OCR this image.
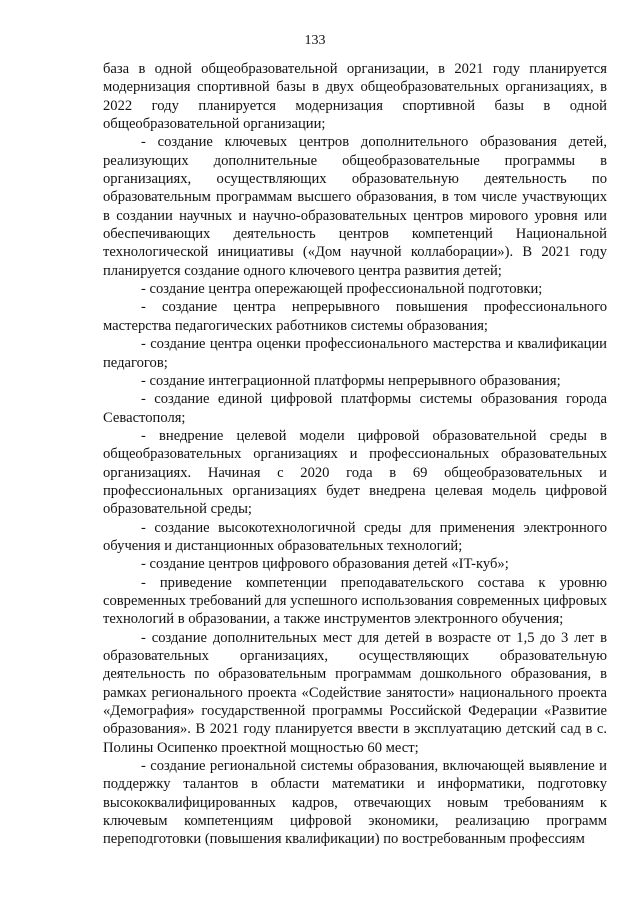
133

база в одной общеобразовательной организации, в 2021 году планируется модернизация спортивной базы в двух общеобразовательных организациях, в 2022 году планируется модернизация спортивной базы в одной общеобразовательной организации;

- создание ключевых центров дополнительного образования детей, реализующих дополнительные общеобразовательные программы в организациях, осуществляющих образовательную деятельность по образовательным программам высшего образования, в том числе участвующих в создании научных и научно-образовательных центров мирового уровня или обеспечивающих деятельность центров компетенций Национальной технологической инициативы («Дом научной коллаборации»). В 2021 году планируется создание одного ключевого центра развития детей;

- создание центра опережающей профессиональной подготовки;

- создание центра непрерывного повышения профессионального мастерства педагогических работников системы образования;

- создание центра оценки профессионального мастерства и квалификации педагогов;

- создание интеграционной платформы непрерывного образования;

- создание единой цифровой платформы системы образования города Севастополя;

- внедрение целевой модели цифровой образовательной среды в общеобразовательных организациях и профессиональных образовательных организациях. Начиная с 2020 года в 69 общеобразовательных и профессиональных организациях будет внедрена целевая модель цифровой образовательной среды;

- создание высокотехнологичной среды для применения электронного обучения и дистанционных образовательных технологий;

- создание центров цифрового образования детей «IT-куб»;

- приведение компетенции преподавательского состава к уровню современных требований для успешного использования современных цифровых технологий в образовании, а также инструментов электронного обучения;

- создание дополнительных мест для детей в возрасте от 1,5 до 3 лет в образовательных организациях, осуществляющих образовательную деятельность по образовательным программам дошкольного образования, в рамках регионального проекта «Содействие занятости» национального проекта «Демография» государственной программы Российской Федерации «Развитие образования». В 2021 году планируется ввести в эксплуатацию детский сад в с. Полины Осипенко проектной мощностью 60 мест;

- создание региональной системы образования, включающей выявление и поддержку талантов в области математики и информатики, подготовку высококвалифицированных кадров, отвечающих новым требованиям к ключевым компетенциям цифровой экономики, реализацию программ переподготовки (повышения квалификации) по востребованным профессиям
